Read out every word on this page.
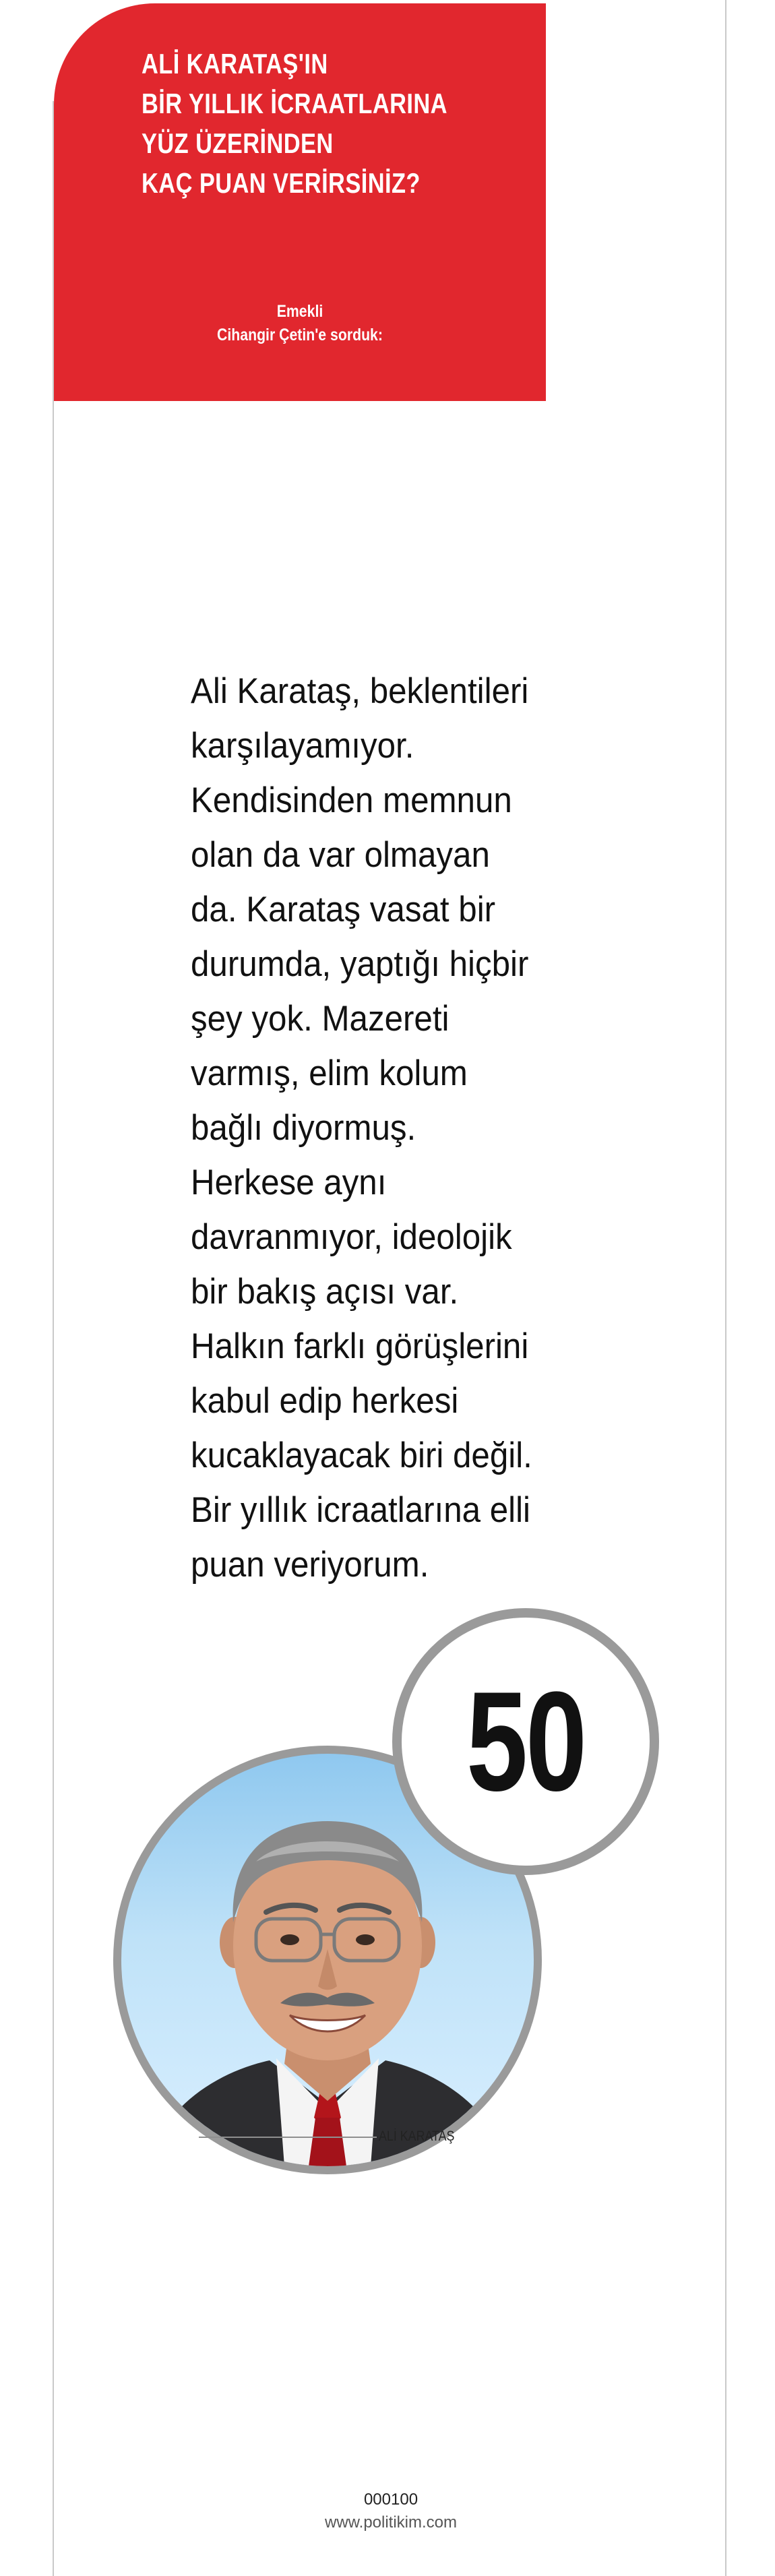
ALİ KARATAŞ'IN
BİR YILLIK İCRAATLARINA
YÜZ ÜZERİNDEN
KAÇ PUAN VERİRSİNİZ?
Emekli
Cihangir Çetin'e sorduk:

Ali Karataş, beklentileri
karşılayamıyor.
Kendisinden memnun
olan da var olmayan
da. Karataş vasat bir
durumda, yaptığı hiçbir
şey yok. Mazereti
varmış, elim kolum
bağlı diyormuş.
Herkese aynı
davranmıyor, ideolojik
bir bakış açısı var.
Halkın farklı görüşlerini
kabul edip herkesi
kucaklayacak biri değil.
Bir yıllık icraatlarına elli
puan veriyorum.

50
ALİ KARATAŞ
000100
www.politikim.com
